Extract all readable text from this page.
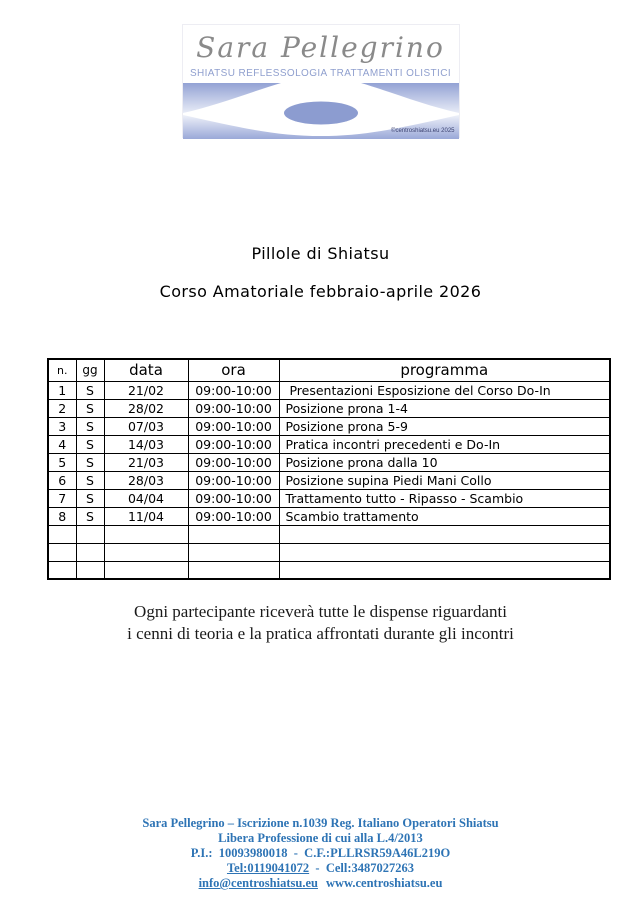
Sara Pellegrino
SHIATSU REFLESSOLOGIA TRATTAMENTI OLISTICI
©centroshiatsu.eu 2025
Pillole di Shiatsu
Corso Amatoriale febbraio-aprile 2026
n.	gg	data	ora	programma
1	S	21/02	09:00-10:00	Presentazioni Esposizione del Corso Do-In
2	S	28/02	09:00-10:00	Posizione prona 1-4
3	S	07/03	09:00-10:00	Posizione prona 5-9
4	S	14/03	09:00-10:00	Pratica incontri precedenti e Do-In
5	S	21/03	09:00-10:00	Posizione prona dalla 10
6	S	28/03	09:00-10:00	Posizione supina Piedi Mani Collo
7	S	04/04	09:00-10:00	Trattamento tutto - Ripasso - Scambio
8	S	11/04	09:00-10:00	Scambio trattamento

Ogni partecipante riceverà tutte le dispense riguardanti
i cenni di teoria e la pratica affrontati durante gli incontri
Sara Pellegrino – Iscrizione n.1039 Reg. Italiano Operatori Shiatsu
Libera Professione di cui alla L.4/2013
P.I.:  10093980018  -  C.F.:PLLRSR59A46L219O
Tel:0119041072  -  Cell:3487027263
info@centroshiatsu.eu www.centroshiatsu.eu
